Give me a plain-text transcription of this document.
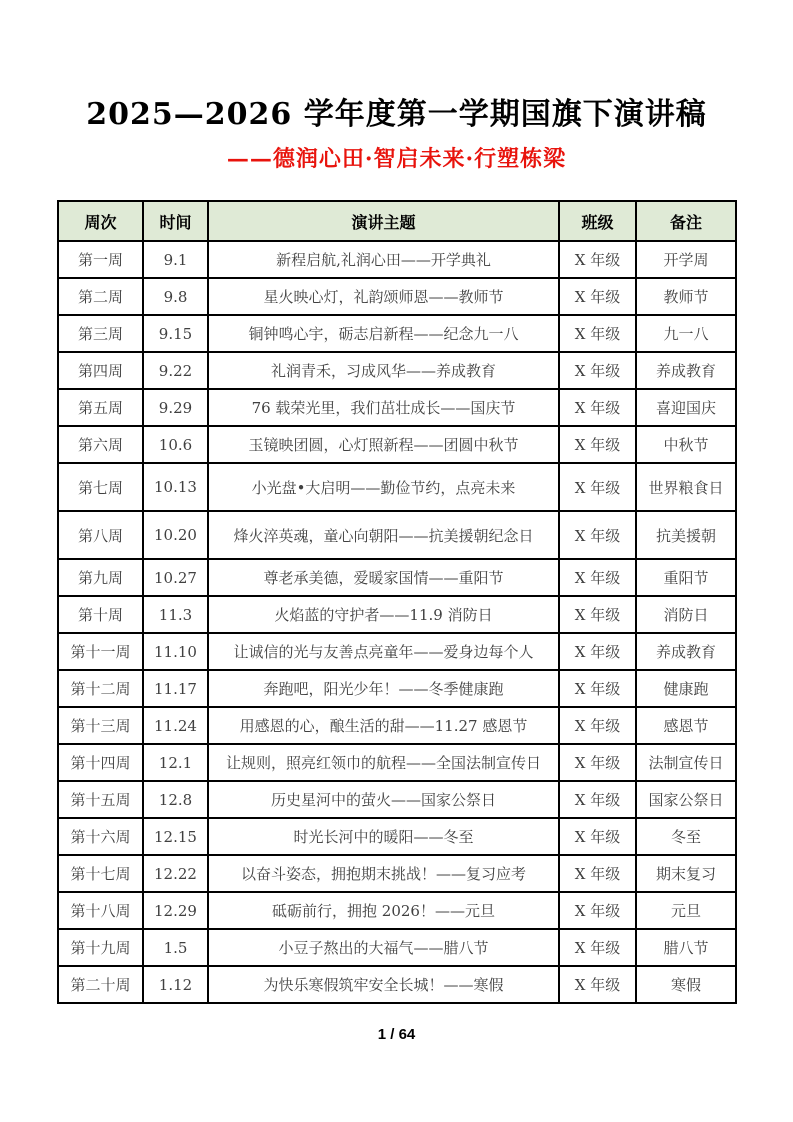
2025—2026 学年度第一学期国旗下演讲稿
——德润心田·智启未来·行塑栋梁
周次	时间	演讲主题	班级	备注
第一周	9.1	新程启航,礼润心田——开学典礼	X 年级	开学周
第二周	9.8	星火映心灯，礼韵颂师恩——教师节	X 年级	教师节
第三周	9.15	铜钟鸣心宇，砺志启新程——纪念九一八	X 年级	九一八
第四周	9.22	礼润青禾，习成风华——养成教育	X 年级	养成教育
第五周	9.29	76 载荣光里，我们茁壮成长——国庆节	X 年级	喜迎国庆
第六周	10.6	玉镜映团圆，心灯照新程——团圆中秋节	X 年级	中秋节
第七周	10.13	小光盘•大启明——勤俭节约，点亮未来	X 年级	世界粮食日
第八周	10.20	烽火淬英魂，童心向朝阳——抗美援朝纪念日	X 年级	抗美援朝
第九周	10.27	尊老承美德，爱暖家国情——重阳节	X 年级	重阳节
第十周	11.3	火焰蓝的守护者——11.9 消防日	X 年级	消防日
第十一周	11.10	让诚信的光与友善点亮童年——爱身边每个人	X 年级	养成教育
第十二周	11.17	奔跑吧，阳光少年！——冬季健康跑	X 年级	健康跑
第十三周	11.24	用感恩的心，酿生活的甜——11.27 感恩节	X 年级	感恩节
第十四周	12.1	让规则，照亮红领巾的航程——全国法制宣传日	X 年级	法制宣传日
第十五周	12.8	历史星河中的萤火——国家公祭日	X 年级	国家公祭日
第十六周	12.15	时光长河中的暖阳——冬至	X 年级	冬至
第十七周	12.22	以奋斗姿态，拥抱期末挑战！——复习应考	X 年级	期末复习
第十八周	12.29	砥砺前行，拥抱 2026！——元旦	X 年级	元旦
第十九周	1.5	小豆子熬出的大福气——腊八节	X 年级	腊八节
第二十周	1.12	为快乐寒假筑牢安全长城！——寒假	X 年级	寒假
1 / 64
